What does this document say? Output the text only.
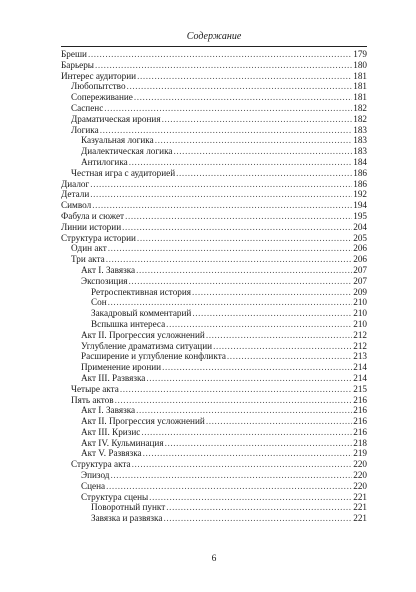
Содержание
Бреши .....	179
Барьеры .....	180
Интерес аудитории .....	181
Любопытство .....	181
Сопереживание .....	181
Саспенс .....	182
Драматическая ирония .....	182
Логика .....	183
Казуальная логика .....	183
Диалектическая логика .....	183
Антилогика .....	184
Честная игра с аудиторией .....	186
Диалог .....	186
Детали .....	192
Символ .....	194
Фабула и сюжет .....	195
Линии истории .....	204
Структура истории .....	205
Один акт .....	206
Три акта .....	206
Акт I. Завязка .....	207
Экспозиция .....	207
Ретроспективная история .....	209
Сон .....	210
Закадровый комментарий .....	210
Вспышка интереса .....	210
Акт II. Прогрессия усложнений .....	212
Углубление драматизма ситуации .....	212
Расширение и углубление конфликта .....	213
Применение иронии .....	214
Акт III. Развязка .....	214
Четыре акта .....	215
Пять актов .....	216
Акт I. Завязка .....	216
Акт II. Прогрессия усложнений .....	216
Акт III. Кризис .....	216
Акт IV. Кульминация .....	218
Акт V. Развязка .....	219
Структура акта .....	220
Эпизод .....	220
Сцена .....	220
Структура сцены .....	221
Поворотный пункт .....	221
Завязка и развязка .....	221
6
